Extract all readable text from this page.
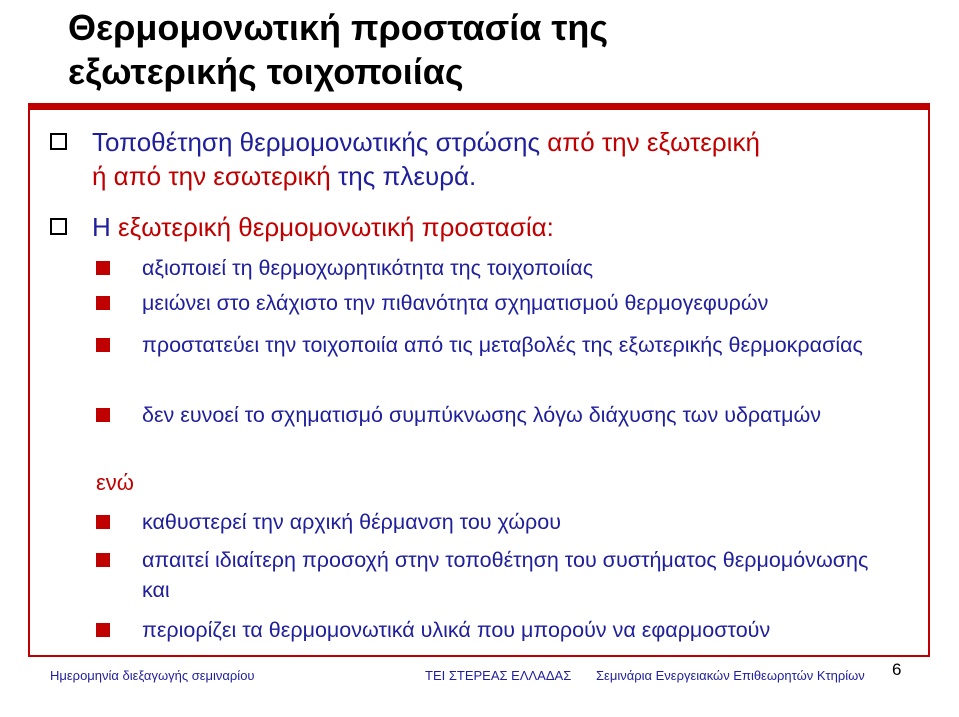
Θερμομονωτική προστασία της
εξωτερικής τοιχοποιίας
Τοποθέτηση θερμομονωτικής στρώσης από την εξωτερική
ή από την εσωτερική της πλευρά.
Η εξωτερική θερμομονωτική προστασία:
αξιοποιεί τη θερμοχωρητικότητα της τοιχοποιίας
μειώνει στο ελάχιστο την πιθανότητα σχηματισμού θερμογεφυρών
προστατεύει την τοιχοποιία από τις μεταβολές της εξωτερικής θερμοκρασίας
δεν ευνοεί το σχηματισμό συμπύκνωσης λόγω διάχυσης των υδρατμών
ενώ
καθυστερεί την αρχική θέρμανση του χώρου
απαιτεί ιδιαίτερη προσοχή στην τοποθέτηση του συστήματος θερμομόνωσης και
περιορίζει τα θερμομονωτικά υλικά που μπορούν να εφαρμοστούν
Ημερομηνία διεξαγωγής σεμιναρίου	ΤΕΙ ΣΤΕΡΕΑΣ ΕΛΛΑΔΑΣ Σεμινάρια Ενεργειακών Επιθεωρητών Κτηρίων 6
